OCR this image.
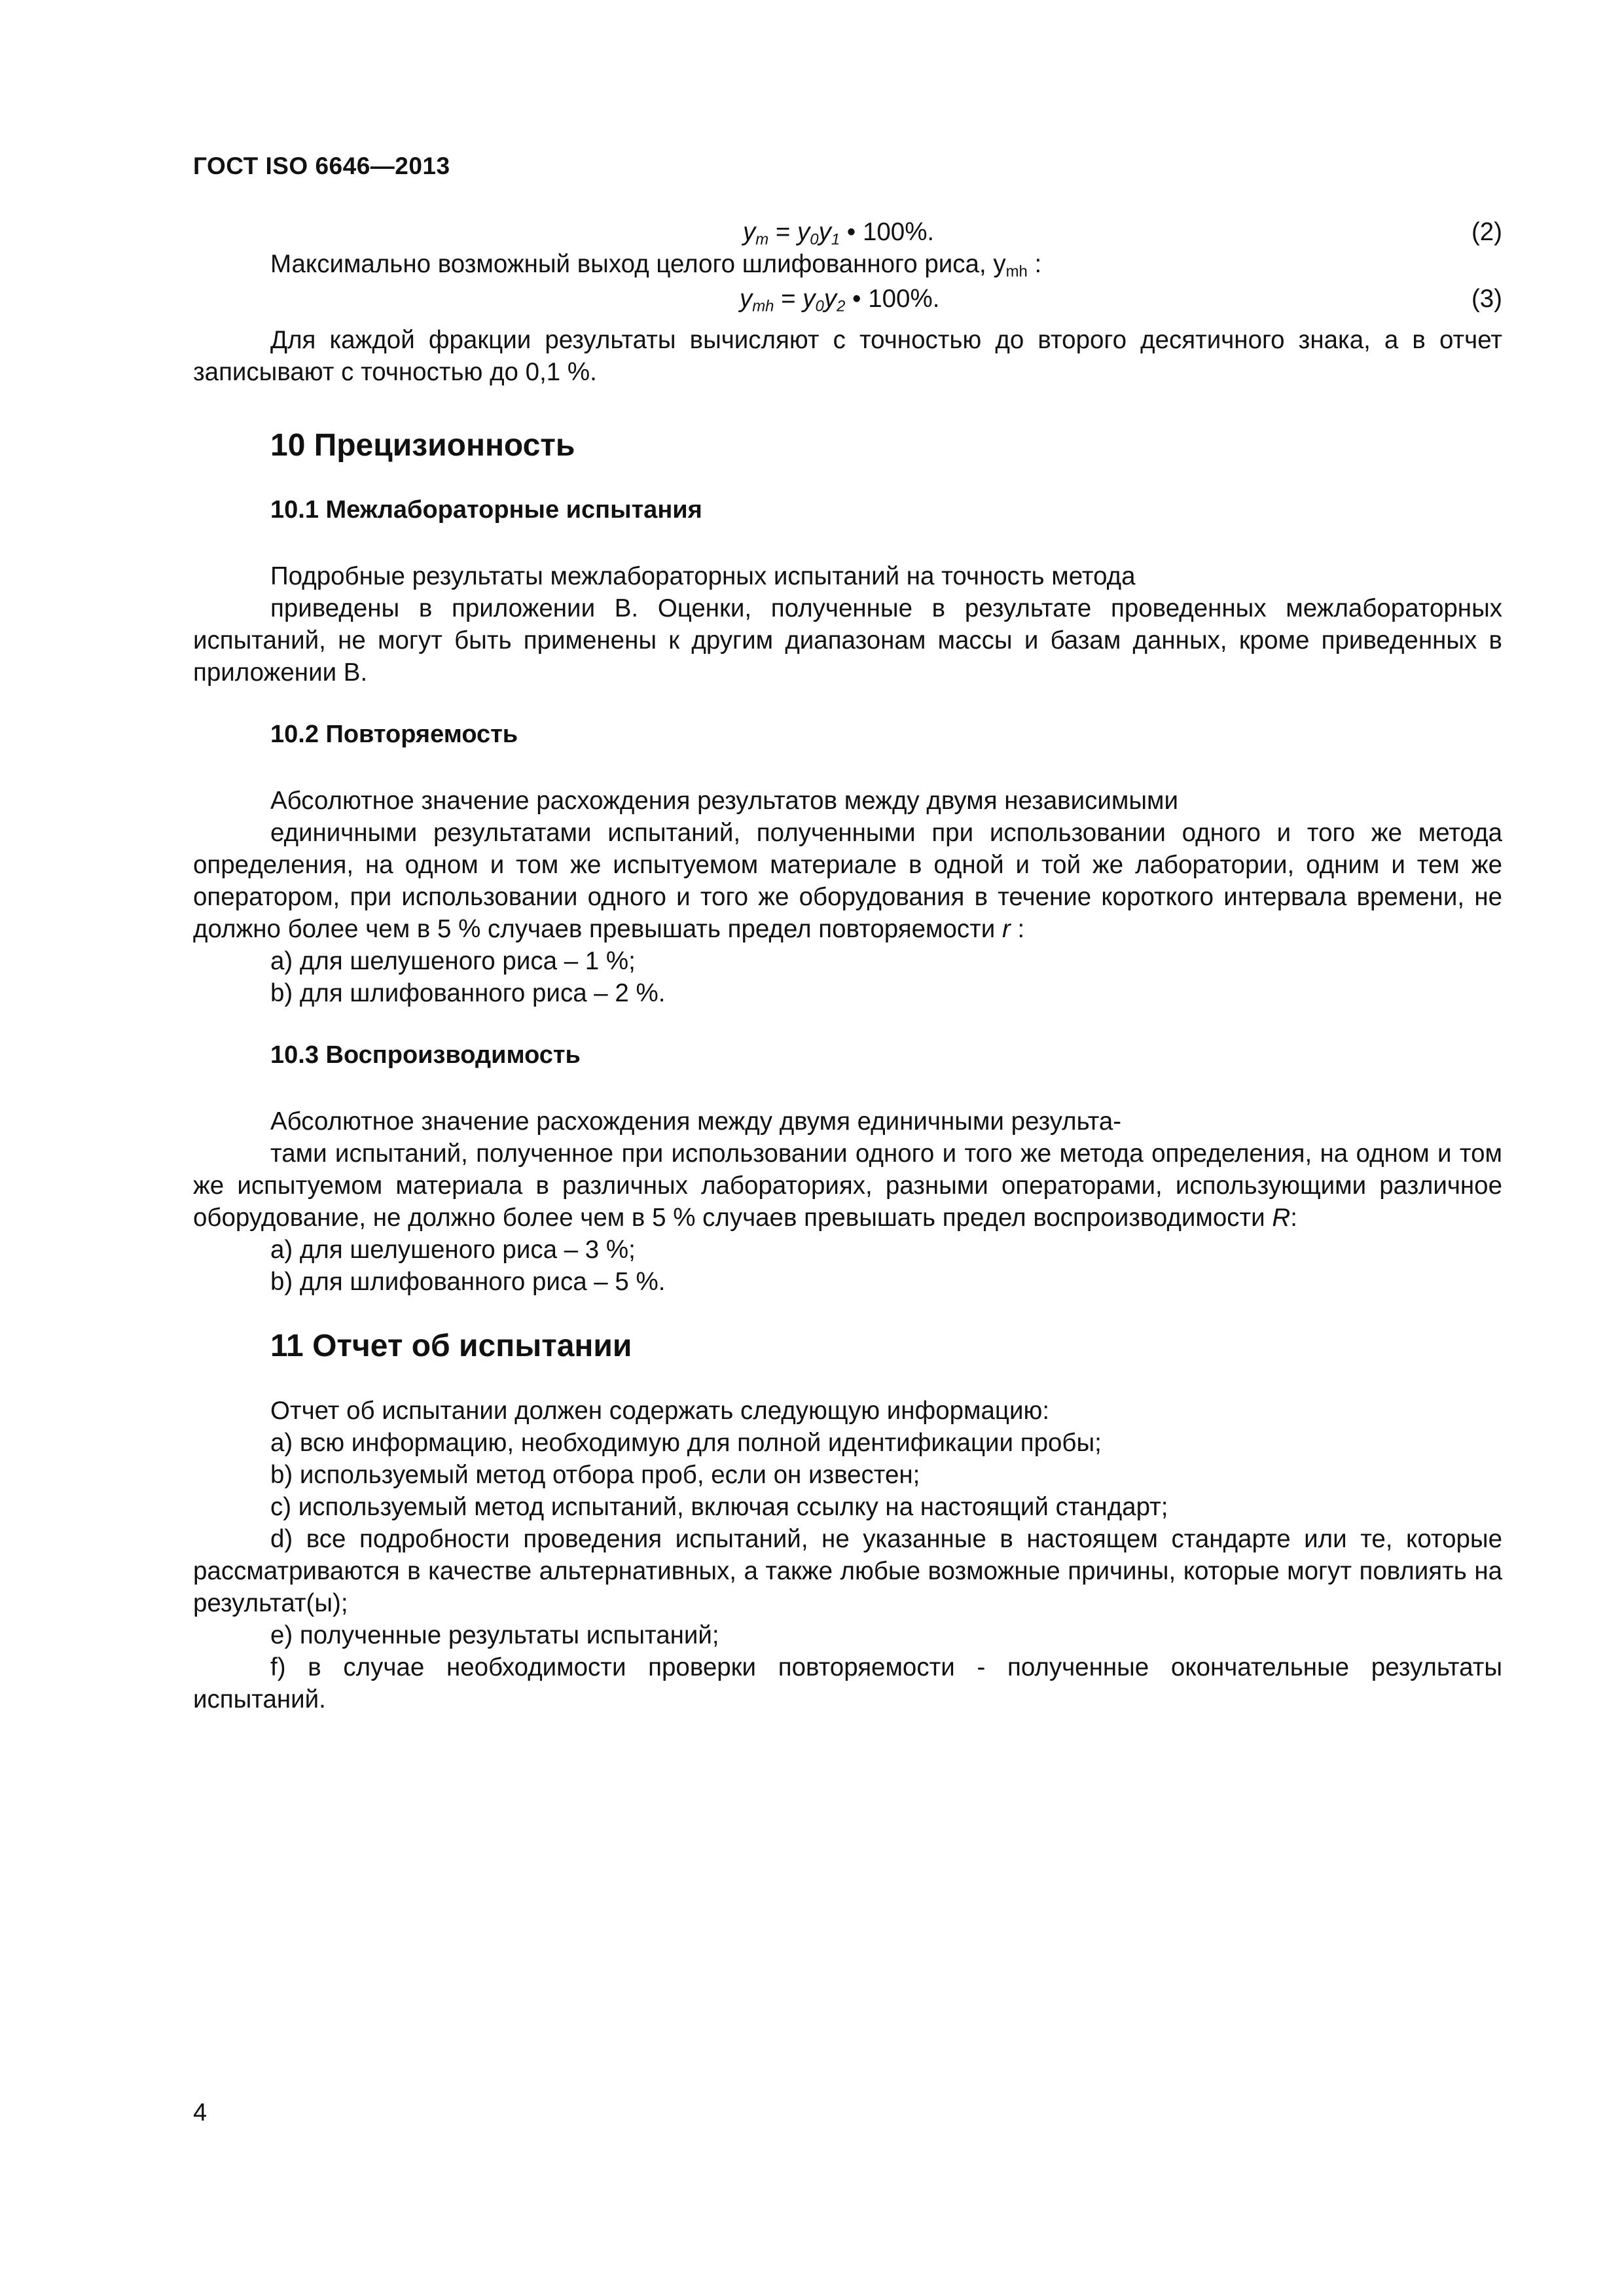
ГОСТ ISO 6646—2013
$y_m = y_0y_1$ • 100%.	(2)

Максимально возможный выход целого шлифованного риса, $y_{mh}$ :

$y_{mh} = y_0y_2$ • 100%.	(3)

Для каждой фракции результаты вычисляют с точностью до второго десятичного знака, а в отчет записывают с точностью до 0,1 %.

10 Прецизионность
10.1 Межлабораторные испытания

Подробные результаты межлабораторных испытаний на точность метода

приведены в приложении В. Оценки, полученные в результате проведенных межлабораторных испытаний, не могут быть применены к другим диапазонам массы и базам данных, кроме приведенных в приложении В.

10.2 Повторяемость

Абсолютное значение расхождения результатов между двумя независимыми

единичными результатами испытаний, полученными при использовании одного и того же метода определения, на одном и том же испытуемом материале в одной и той же лаборатории, одним и тем же оператором, при использовании одного и того же оборудования в течение короткого интервала времени, не должно более чем в 5 % случаев превышать предел повторяемости r :

a) для шелушеного риса – 1 %;

b) для шлифованного риса – 2 %.

10.3 Воспроизводимость

Абсолютное значение расхождения между двумя единичными результа-

тами испытаний, полученное при использовании одного и того же метода определения, на одном и том же испытуемом материала в различных лабораториях, разными операторами, использующими различное оборудование, не должно более чем в 5 % случаев превышать предел воспроизводимости R:

a) для шелушеного риса – 3 %;

b) для шлифованного риса – 5 %.

11 Отчет об испытании

Отчет об испытании должен содержать следующую информацию:

a) всю информацию, необходимую для полной идентификации пробы;

b) используемый метод отбора проб, если он известен;

c) используемый метод испытаний, включая ссылку на настоящий стандарт;

d) все подробности проведения испытаний, не указанные в настоящем стандарте или те, которые рассматриваются в качестве альтернативных, а также любые возможные причины, которые могут повлиять на результат(ы);

e) полученные результаты испытаний;

f) в случае необходимости проверки повторяемости - полученные окончательные результаты испытаний.

4
